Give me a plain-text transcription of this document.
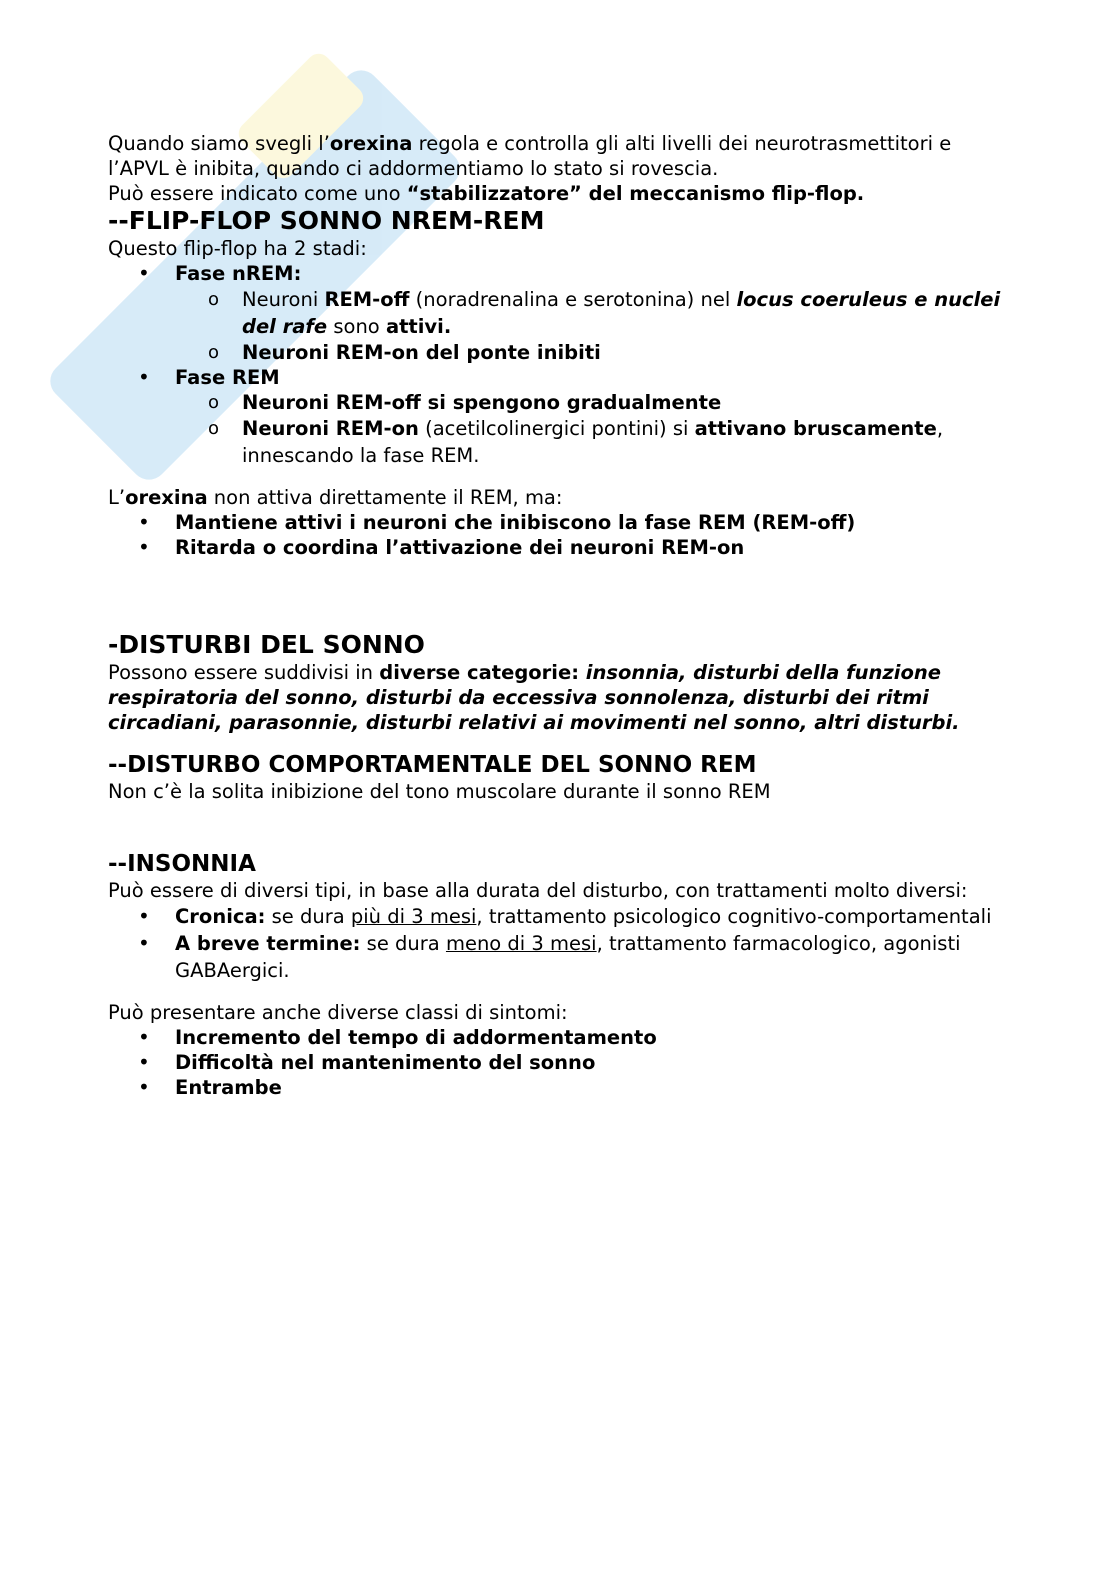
Quando siamo svegli l’orexina regola e controlla gli alti livelli dei neurotrasmettitori e l’APVL è inibita, quando ci addormentiamo lo stato si rovescia.

Può essere indicato come uno “stabilizzatore” del meccanismo flip-flop.

--FLIP-FLOP SONNO NREM-REM

Questo flip-flop ha 2 stadi:

• Fase nREM:
o Neuroni REM-off (noradrenalina e serotonina) nel locus coeruleus e nuclei del rafe sono attivi.
o Neuroni REM-on del ponte inibiti
• Fase REM
o Neuroni REM-off si spengono gradualmente
o Neuroni REM-on (acetilcolinergici pontini) si attivano bruscamente, innescando la fase REM.

L’orexina non attiva direttamente il REM, ma:

• Mantiene attivi i neuroni che inibiscono la fase REM (REM-off)
• Ritarda o coordina l’attivazione dei neuroni REM-on
-DISTURBI DEL SONNO

Possono essere suddivisi in diverse categorie: insonnia, disturbi della funzione respiratoria del sonno, disturbi da eccessiva sonnolenza, disturbi dei ritmi circadiani, parasonnie, disturbi relativi ai movimenti nel sonno, altri disturbi.

--DISTURBO COMPORTAMENTALE DEL SONNO REM

Non c’è la solita inibizione del tono muscolare durante il sonno REM

--INSONNIA

Può essere di diversi tipi, in base alla durata del disturbo, con trattamenti molto diversi:

• Cronica: se dura più di 3 mesi, trattamento psicologico cognitivo-comportamentali
• A breve termine: se dura meno di 3 mesi, trattamento farmacologico, agonisti GABAergici.

Può presentare anche diverse classi di sintomi:

• Incremento del tempo di addormentamento
• Difficoltà nel mantenimento del sonno
• Entrambe
